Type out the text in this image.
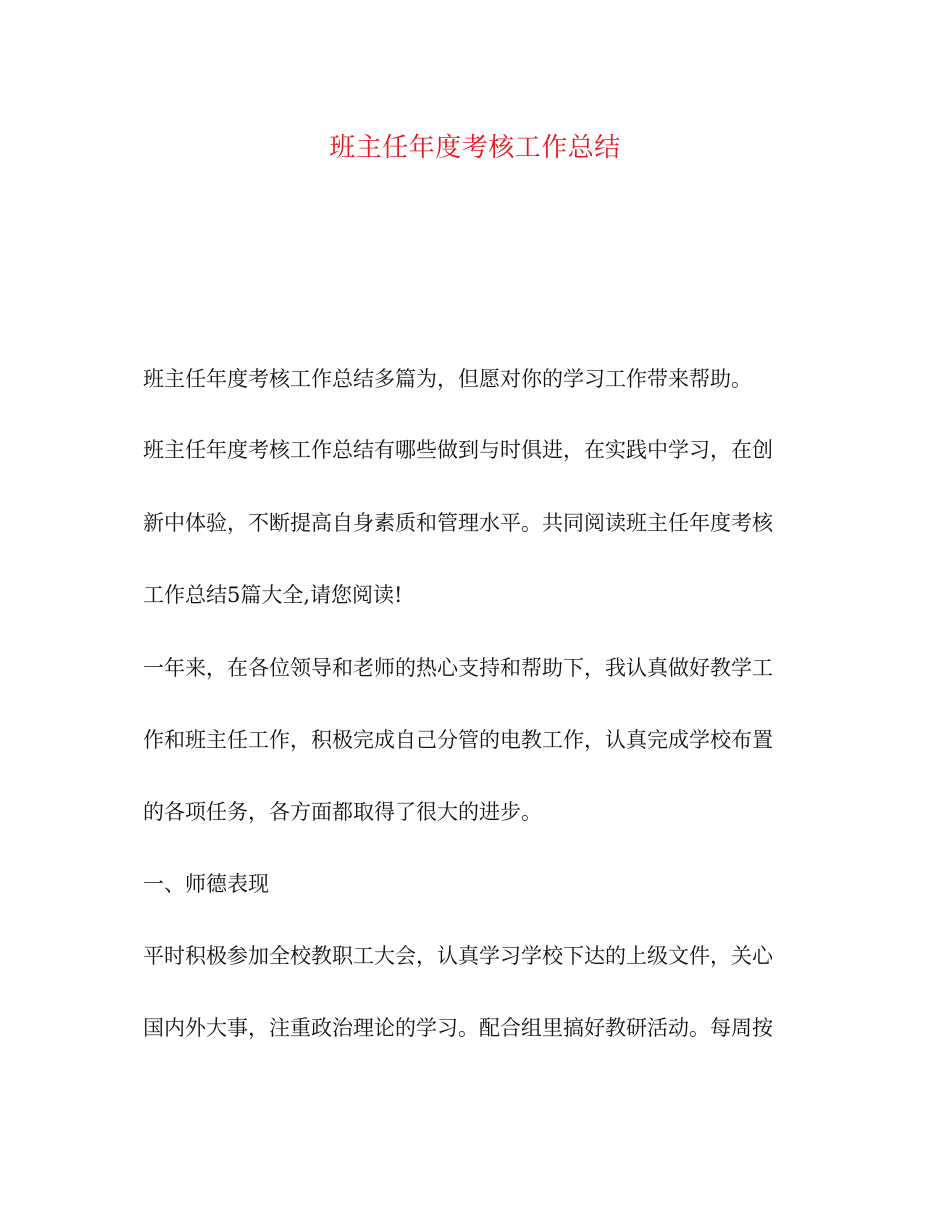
班主任年度考核工作总结
班主任年度考核工作总结多篇为，但愿对你的学习工作带来帮助。
班主任年度考核工作总结有哪些做到与时俱进，在实践中学习，在创
新中体验，不断提高自身素质和管理水平。共同阅读班主任年度考核
工作总结5篇大全,请您阅读!
一年来，在各位领导和老师的热心支持和帮助下，我认真做好教学工
作和班主任工作，积极完成自己分管的电教工作，认真完成学校布置
的各项任务，各方面都取得了很大的进步。
一、师德表现
平时积极参加全校教职工大会，认真学习学校下达的上级文件，关心
国内外大事，注重政治理论的学习。配合组里搞好教研活动。每周按
